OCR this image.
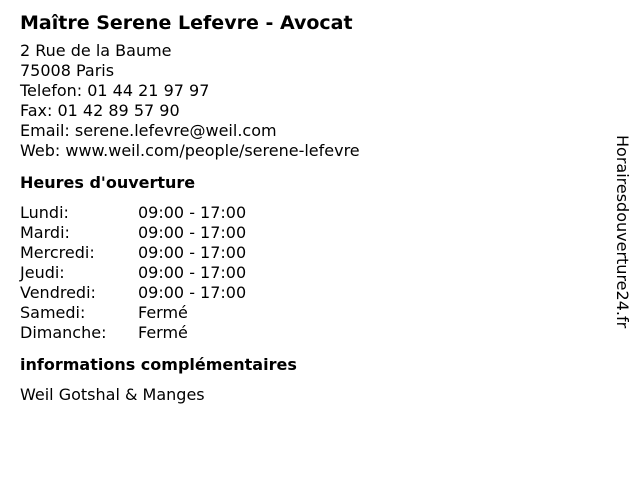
Maître Serene Lefevre - Avocat
2 Rue de la Baume
75008 Paris
Telefon: 01 44 21 97 97
Fax: 01 42 89 57 90
Email: serene.lefevre@weil.com
Web: www.weil.com/people/serene-lefevre
Heures d'ouverture
Lundi:	09:00 - 17:00
Mardi:	09:00 - 17:00
Mercredi:	09:00 - 17:00
Jeudi:	09:00 - 17:00
Vendredi:	09:00 - 17:00
Samedi:	Fermé
Dimanche: Fermé
informations complémentaires
Weil Gotshal & Manges
Horairesdouverture24.fr
